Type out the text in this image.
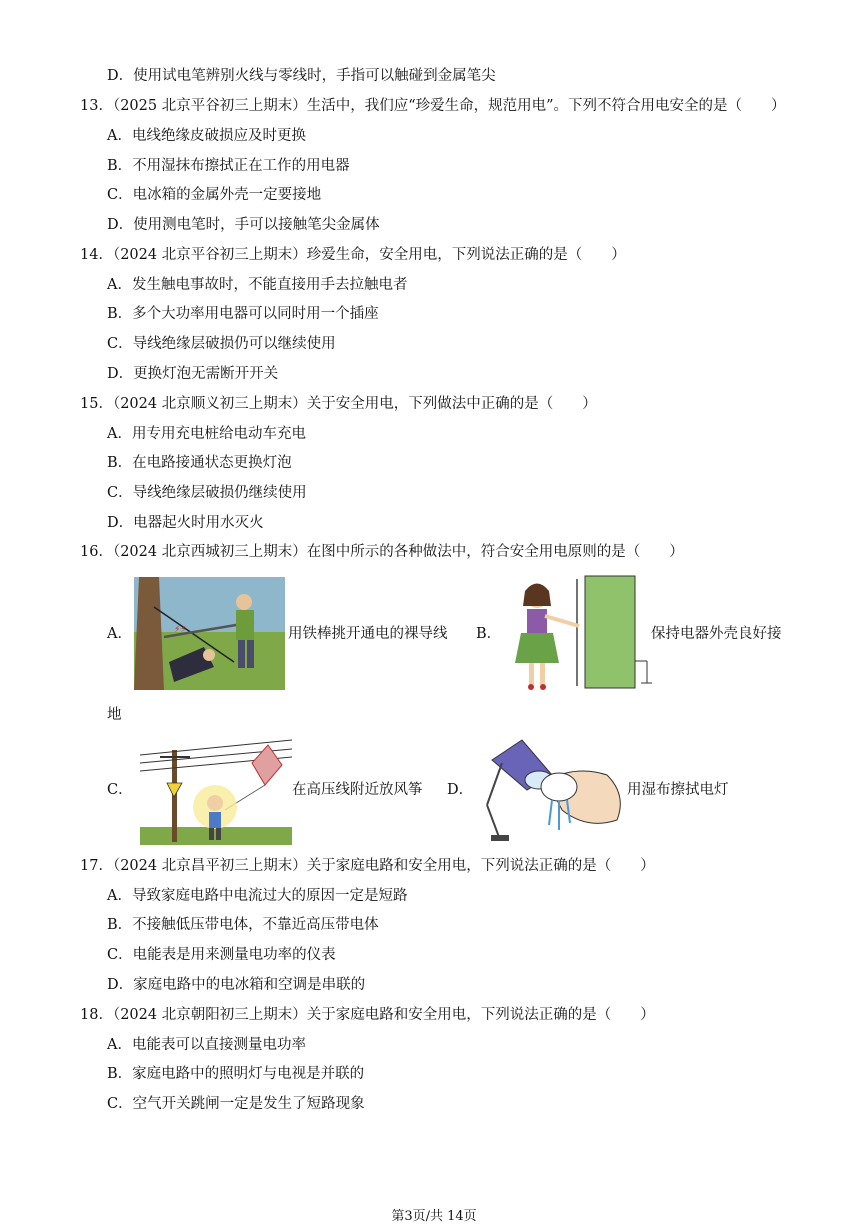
D．使用试电笔辨别火线与零线时，手指可以触碰到金属笔尖
13．（2025 北京平谷初三上期末）生活中，我们应“珍爱生命，规范用电”。下列不符合用电安全的是（　　）
A．电线绝缘皮破损应及时更换
B．不用湿抹布擦拭正在工作的用电器
C．电冰箱的金属外壳一定要接地
D．使用测电笔时，手可以接触笔尖金属体
14．（2024 北京平谷初三上期末）珍爱生命，安全用电，下列说法正确的是（　　）
A．发生触电事故时，不能直接用手去拉触电者
B．多个大功率用电器可以同时用一个插座
C．导线绝缘层破损仍可以继续使用
D．更换灯泡无需断开开关
15．（2024 北京顺义初三上期末）关于安全用电，下列做法中正确的是（　　）
A．用专用充电桩给电动车充电
B．在电路接通状态更换灯泡
C．导线绝缘层破损仍继续使用
D．电器起火时用水灭火
16．（2024 北京西城初三上期末）在图中所示的各种做法中，符合安全用电原则的是（　　）
A．	⚡⚡	用铁棒挑开通电的裸导线 B．	保持电器外壳良好接
地
C．	在高压线附近放风筝 D．	用湿布擦拭电灯
17．（2024 北京昌平初三上期末）关于家庭电路和安全用电，下列说法正确的是（　　）
A．导致家庭电路中电流过大的原因一定是短路
B．不接触低压带电体，不靠近高压带电体
C．电能表是用来测量电功率的仪表
D．家庭电路中的电冰箱和空调是串联的
18．（2024 北京朝阳初三上期末）关于家庭电路和安全用电，下列说法正确的是（　　）
A．电能表可以直接测量电功率
B．家庭电路中的照明灯与电视是并联的
C．空气开关跳闸一定是发生了短路现象
第3页/共 14页
